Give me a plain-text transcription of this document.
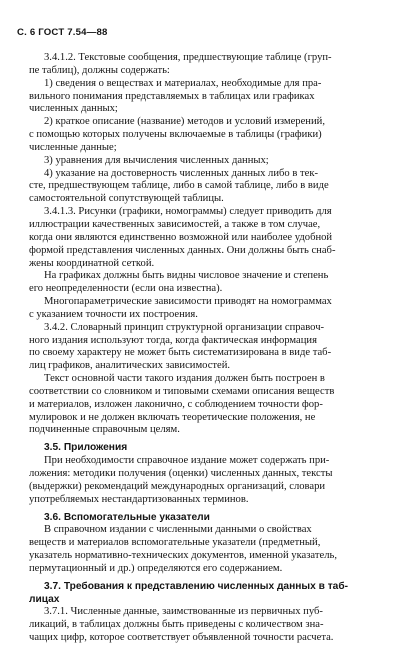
С. 6 ГОСТ 7.54—88
3.4.1.2. Текстовые сообщения, предшествующие таблице (груп-
пе таблиц), должны содержать:
1) сведения о веществах и материалах, необходимые для пра-
вильного понимания представляемых в таблицах или графиках
численных данных;
2) краткое описание (название) методов и условий измерений,
с помощью которых получены включаемые в таблицы (графики)
численные данные;
3) уравнения для вычисления численных данных;
4) указание на достоверность численных данных либо в тек-
сте, предшествующем таблице, либо в самой таблице, либо в виде
самостоятельной сопутствующей таблицы.
3.4.1.3. Рисунки (графики, номограммы) следует приводить для
иллюстрации качественных зависимостей, а также в том случае,
когда они являются единственно возможной или наиболее удобной
формой представления численных данных. Они должны быть снаб-
жены координатной сеткой.
На графиках должны быть видны числовое значение и степень
его неопределенности (если она известна).
Многопараметрические зависимости приводят на номограммах
с указанием точности их построения.
3.4.2. Словарный принцип структурной организации справоч-
ного издания используют тогда, когда фактическая информация
по своему характеру не может быть систематизирована в виде таб-
лиц графиков, аналитических зависимостей.
Текст основной части такого издания должен быть построен в
соответствии со словником и типовыми схемами описания веществ
и материалов, изложен лаконично, с соблюдением точности фор-
мулировок и не должен включать теоретические положения, не
подчиненные справочным целям.
3.5. Приложения
При необходимости справочное издание может содержать при-
ложения: методики получения (оценки) численных данных, тексты
(выдержки) рекомендаций международных организаций, словари
употребляемых нестандартизованных терминов.
3.6. Вспомогательные указатели
В справочном издании с численными данными о свойствах
веществ и материалов вспомогательные указатели (предметный,
указатель нормативно-технических документов, именной указатель,
пермутационный и др.) определяются его содержанием.
3.7. Требования к представлению численных данных в таб-
лицах
3.7.1. Численные данные, заимствованные из первичных пуб-
ликаций, в таблицах должны быть приведены с количеством зна-
чащих цифр, которое соответствует объявленной точности расчета.
